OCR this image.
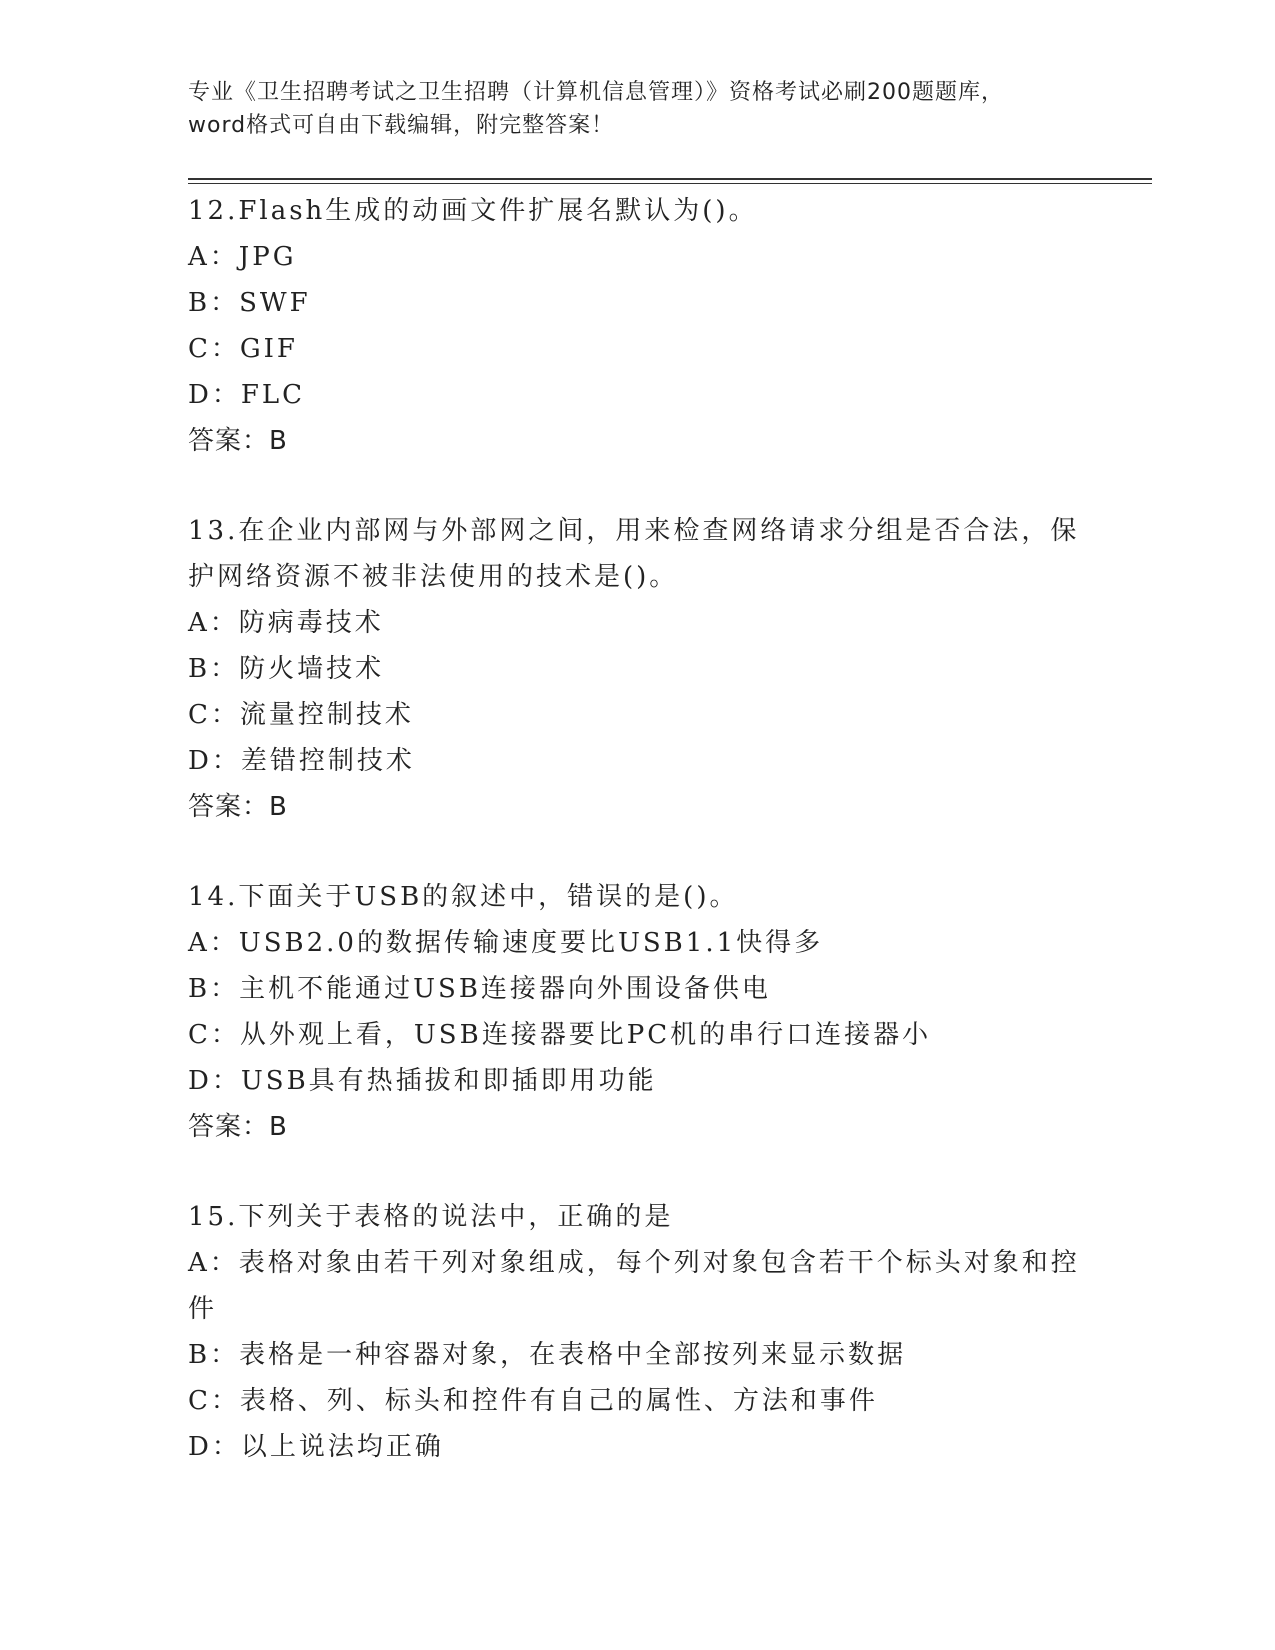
专业《卫生招聘考试之卫生招聘（计算机信息管理）》资格考试必刷200题题库，
word格式可自由下载编辑，附完整答案！
12.Flash生成的动画文件扩展名默认为()。
A：JPG
B：SWF
C：GIF
D：FLC
答案：B
13.在企业内部网与外部网之间，用来检查网络请求分组是否合法，保护网络资源不被非法使用的技术是()。
A：防病毒技术
B：防火墙技术
C：流量控制技术
D：差错控制技术
答案：B
14.下面关于USB的叙述中，错误的是()。
A：USB2.0的数据传输速度要比USB1.1快得多
B：主机不能通过USB连接器向外围设备供电
C：从外观上看，USB连接器要比PC机的串行口连接器小
D：USB具有热插拔和即插即用功能
答案：B
15.下列关于表格的说法中，正确的是
A：表格对象由若干列对象组成，每个列对象包含若干个标头对象和控件
B：表格是一种容器对象，在表格中全部按列来显示数据
C：表格、列、标头和控件有自己的属性、方法和事件
D：以上说法均正确
